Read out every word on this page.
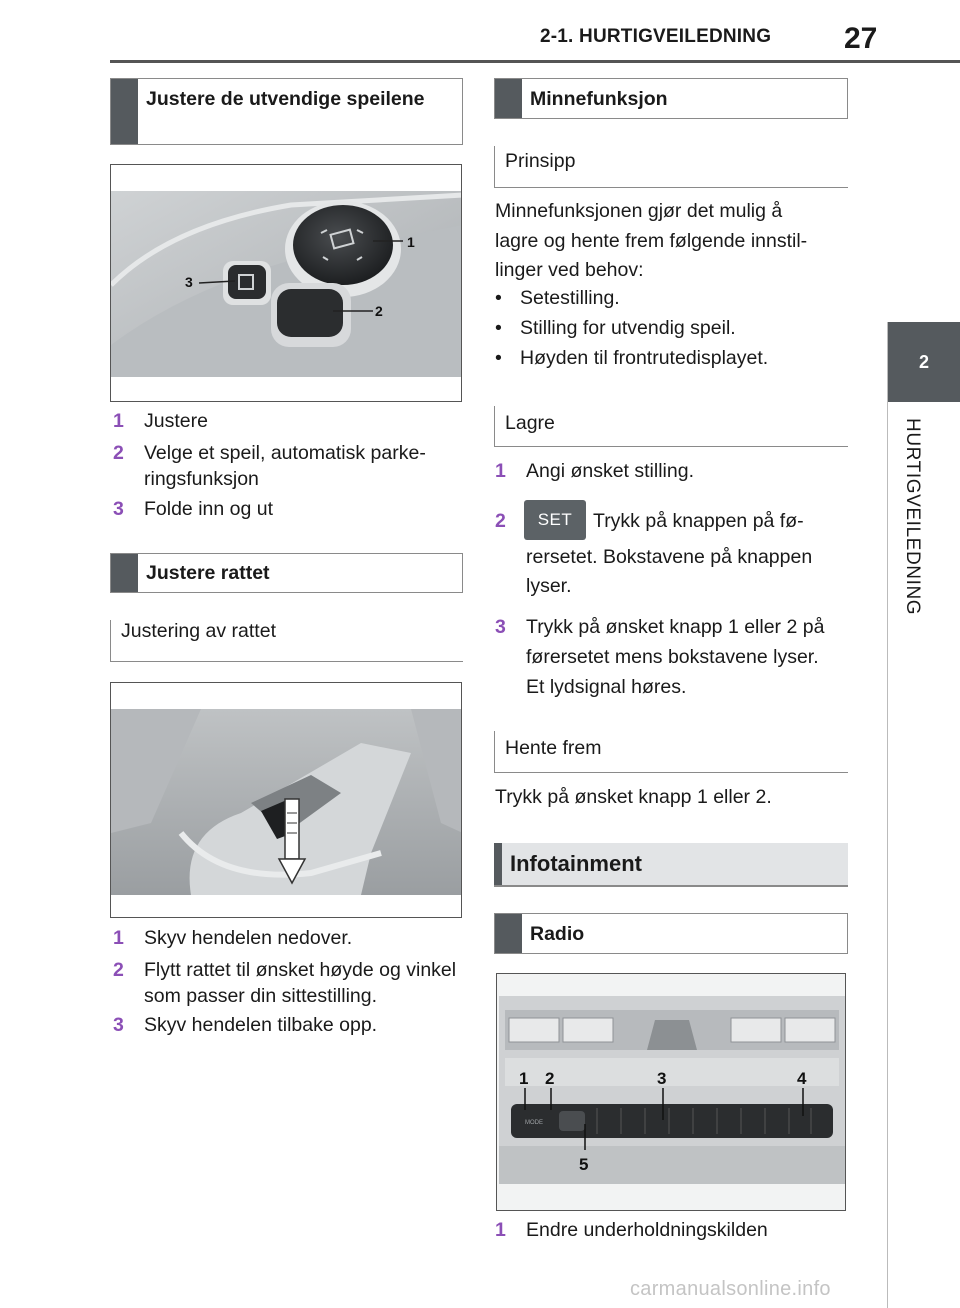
2-1. HURTIGVEILEDNING 27
2
HURTIGVEILEDNING
Justere de utvendige speilene
1
2
3
1 Justere
2 Velge et speil, automatisk parke-ringsfunksjon
3 Folde inn og ut
Justere rattet
Justering av rattet
1 Skyv hendelen nedover.
2 Flytt rattet til ønsket høyde og vinkel som passer din sittestilling.
3 Skyv hendelen tilbake opp.
Minnefunksjon
Prinsipp
Minnefunksjonen gjør det mulig å
lagre og hente frem følgende innstil-
linger ved behov:
• Setestilling.
• Stilling for utvendig speil.
• Høyden til frontrutedisplayet.
Lagre
1 Angi ønsket stilling.
2	SET	Trykk på knappen på fø-
rersetet. Bokstavene på knappen
lyser.
3 Trykk på ønsket knapp 1 eller 2 på førersetet mens bokstavene lyser. Et lydsignal høres.
Hente frem
Trykk på ønsket knapp 1 eller 2.
Infotainment
Radio
MODE
1 2	3	4
5
1 Endre underholdningskilden
carmanualsonline.info
